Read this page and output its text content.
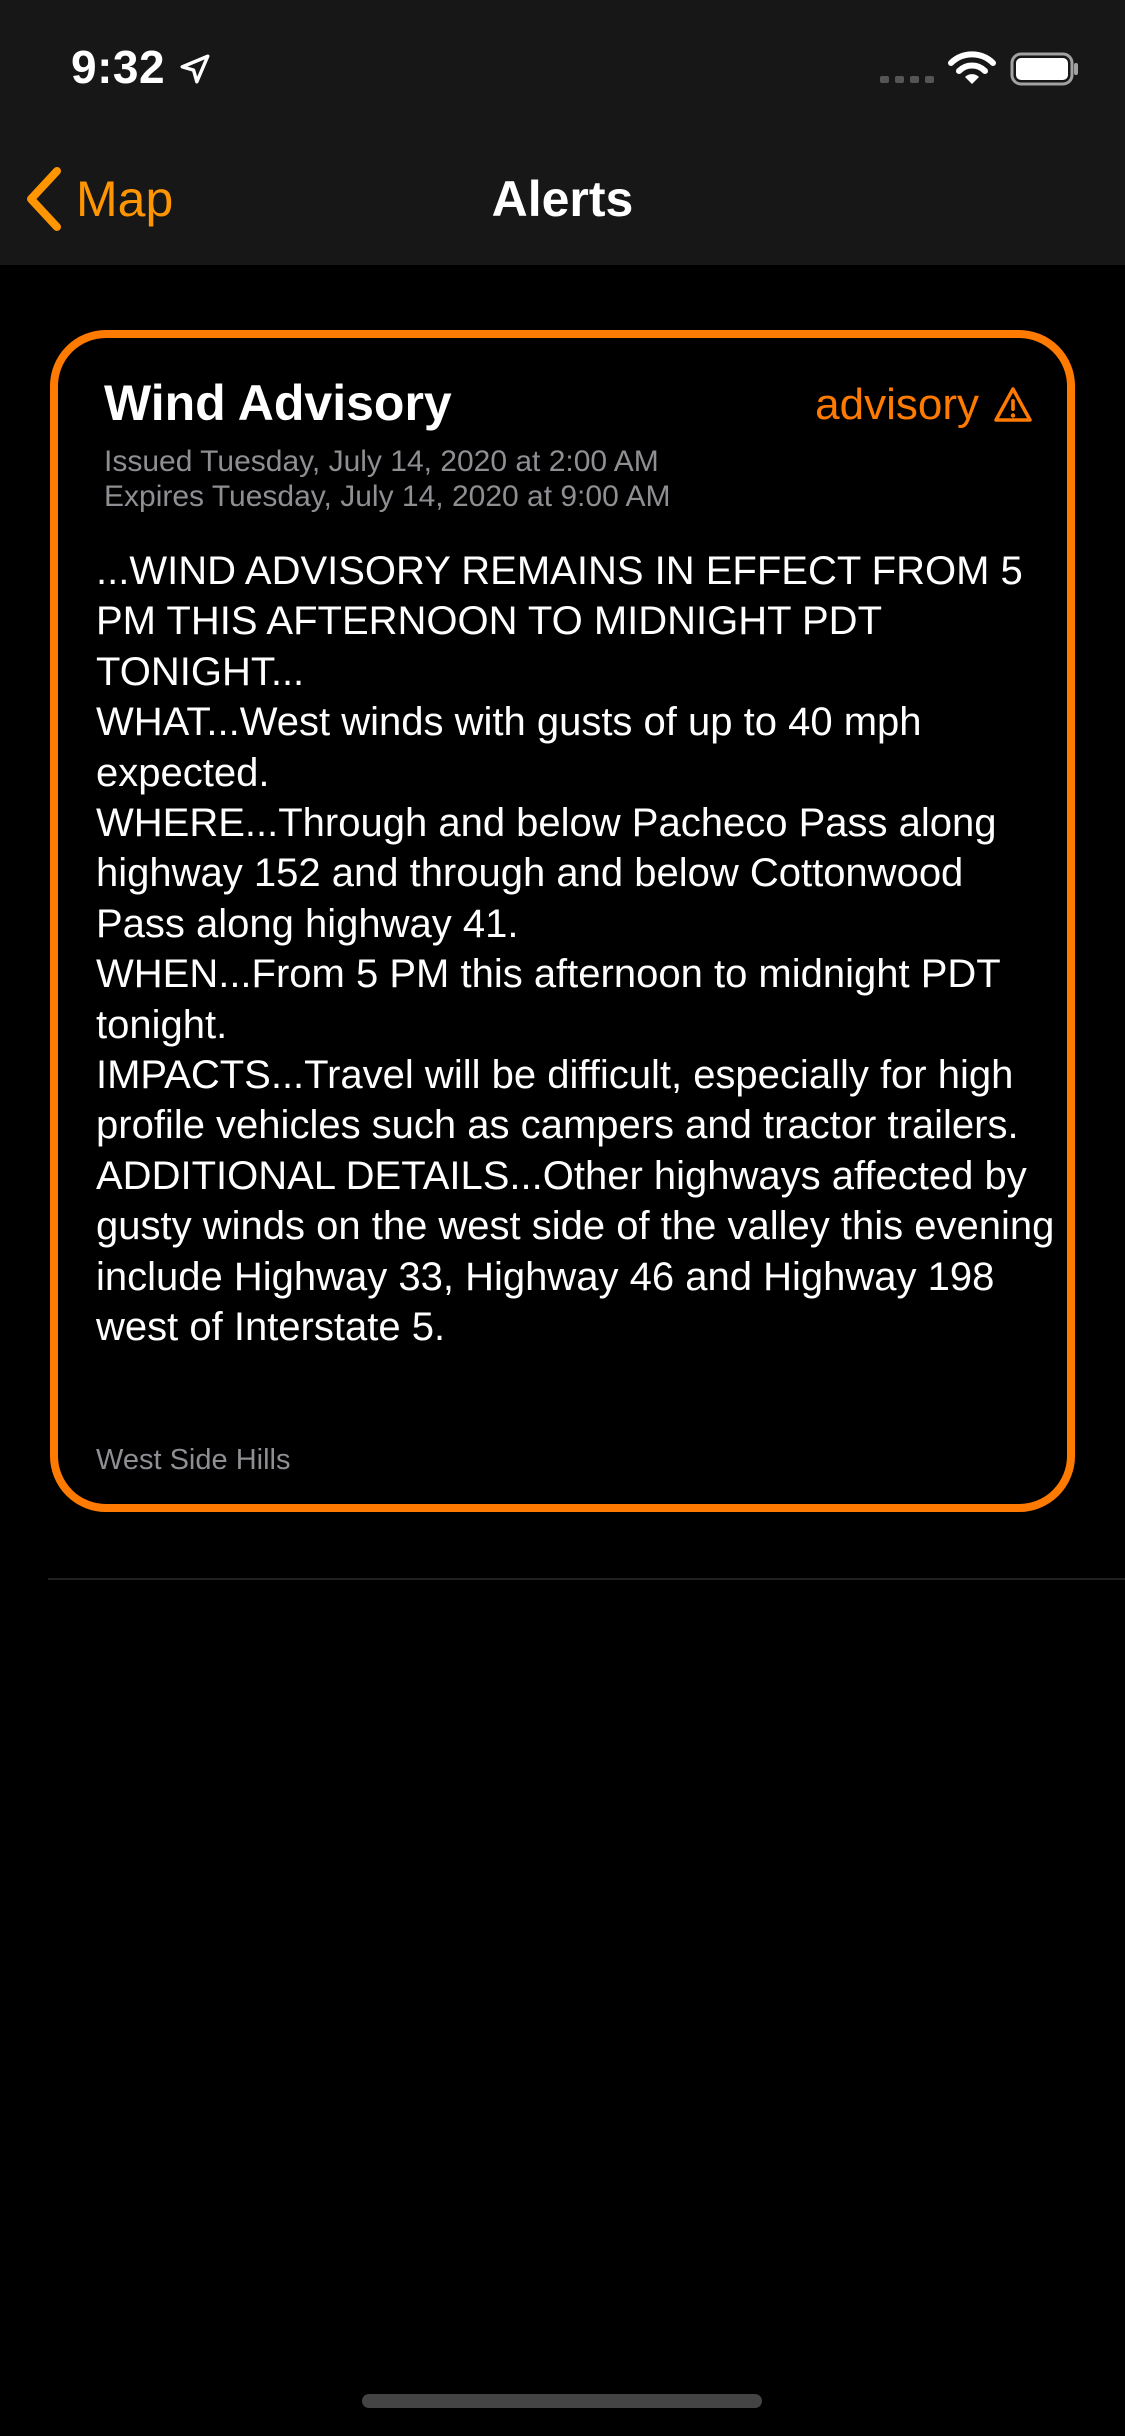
9:32
Map	Alerts
Wind Advisory	advisory
Issued Tuesday, July 14, 2020 at 2:00 AM
Expires Tuesday, July 14, 2020 at 9:00 AM

...WIND ADVISORY REMAINS IN EFFECT FROM 5 PM THIS AFTERNOON TO MIDNIGHT PDT TONIGHT...

WHAT...West winds with gusts of up to 40 mph expected.

WHERE...Through and below Pacheco Pass along highway 152 and through and below Cottonwood Pass along highway 41.

WHEN...From 5 PM this afternoon to midnight PDT tonight.

IMPACTS...Travel will be difficult, especially for high profile vehicles such as campers and tractor trailers.

ADDITIONAL DETAILS...Other highways affected by gusty winds on the west side of the valley this evening include Highway 33, Highway 46 and Highway 198 west of Interstate 5.

West Side Hills
